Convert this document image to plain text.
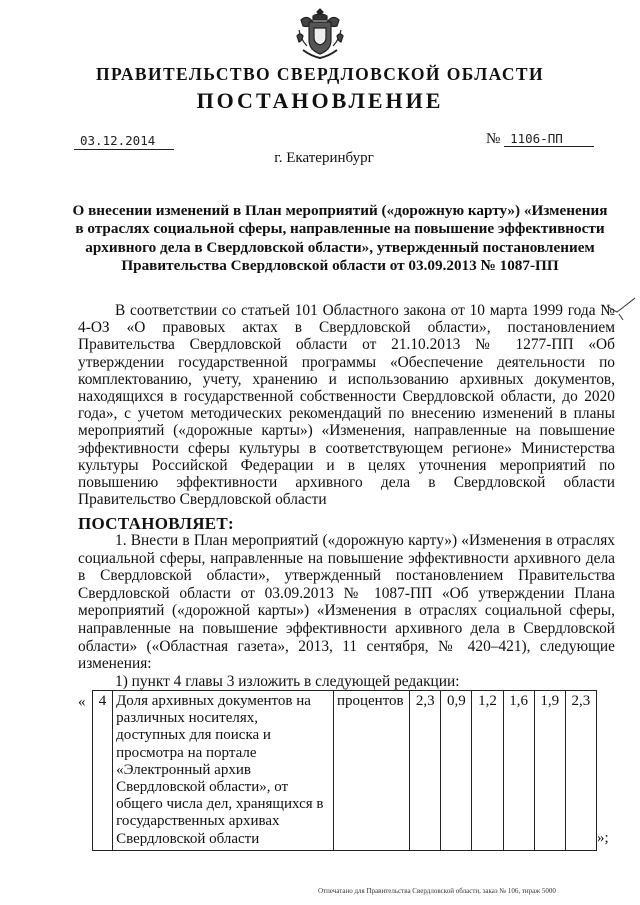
ПРАВИТЕЛЬСТВО СВЕРДЛОВСКОЙ ОБЛАСТИ
ПОСТАНОВЛЕНИЕ
03.12.2014	№ 1106-ПП
г. Екатеринбург
О внесении изменений в План мероприятий («дорожную карту») «Изменения в отраслях социальной сферы, направленные на повышение эффективности архивного дела в Свердловской области», утвержденный постановлением Правительства Свердловской области от 03.09.2013 № 1087-ПП

В соответствии со статьей 101 Областного закона от 10 марта 1999 года № 4-ОЗ «О правовых актах в Свердловской области», постановлением Правительства Свердловской области от 21.10.2013 № 1277-ПП «Об утверждении государственной программы «Обеспечение деятельности по комплектованию, учету, хранению и использованию архивных документов, находящихся в государственной собственности Свердловской области, до 2020 года», с учетом методических рекомендаций по внесению изменений в планы мероприятий («дорожные карты») «Изменения, направленные на повышение эффективности сферы культуры в соответствующем регионе» Министерства культуры Российской Федерации и в целях уточнения мероприятий по повышению эффективности архивного дела в Свердловской области Правительство Свердловской области

ПОСТАНОВЛЯЕТ:
1. Внести в План мероприятий («дорожную карту») «Изменения в отраслях социальной сферы, направленные на повышение эффективности архивного дела в Свердловской области», утвержденный постановлением Правительства Свердловской области от 03.09.2013 № 1087-ПП «Об утверждении Плана мероприятий («дорожной карты») «Изменения в отраслях социальной сферы, направленные на повышение эффективности архивного дела в Свердловской области» («Областная газета», 2013, 11 сентября, № 420–421), следующие изменения:
1) пункт 4 главы 3 изложить в следующей редакции:
« 4	Доля архивных документов на различных носителях, доступных для поиска и просмотра на портале «Электронный архив Свердловской области», от общего числа дел, хранящихся в государственных архивах Свердловской области	процентов	2,3	0,9	1,2	1,6	1,9	2,3
»;
Отпечатано для Правительства Свердловской области, заказ № 106, тираж 5000
